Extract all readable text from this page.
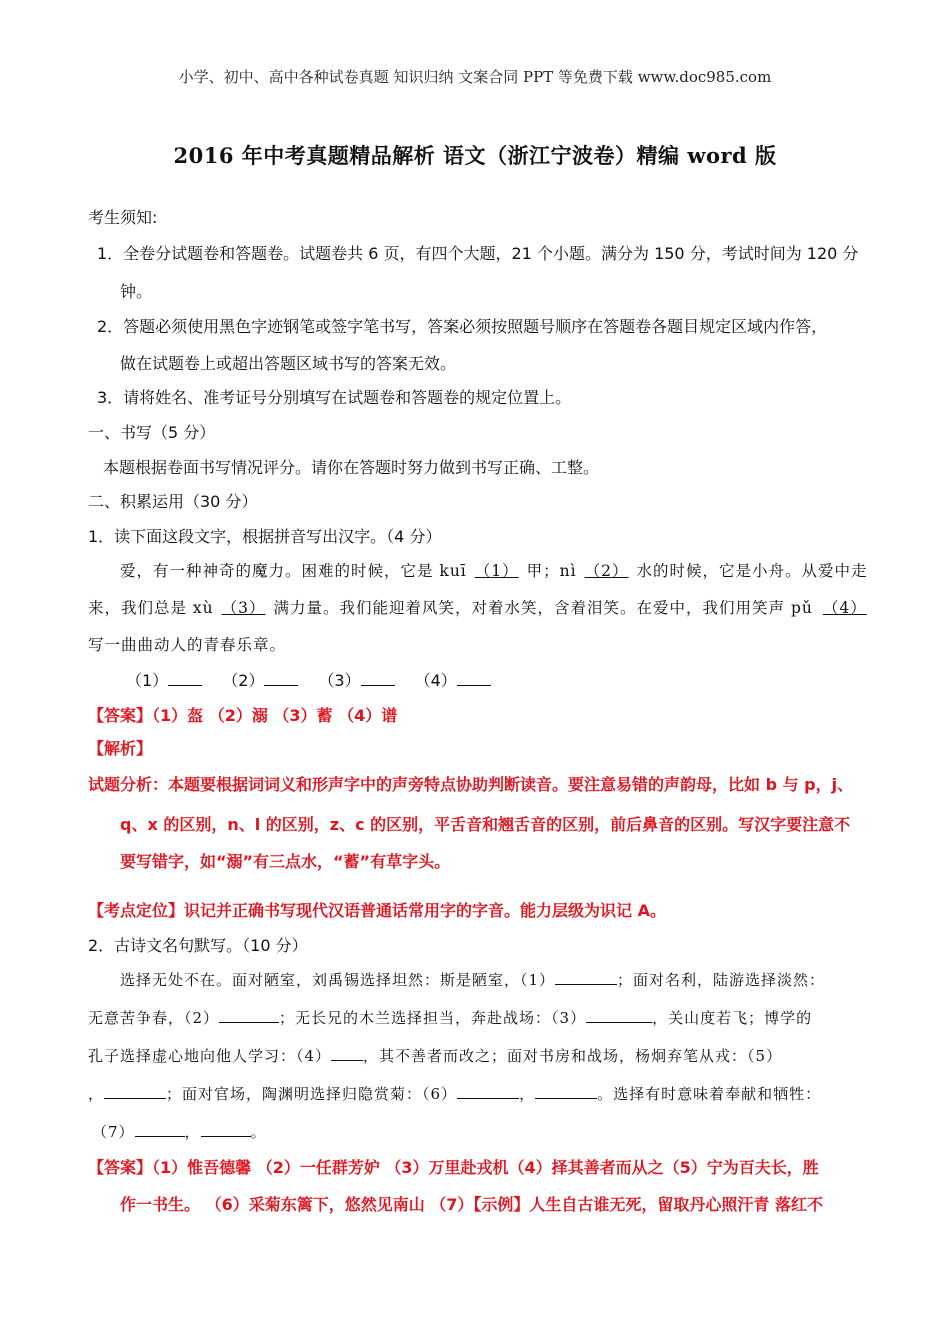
小学、初中、高中各种试卷真题 知识归纳 文案合同 PPT 等免费下载 www.doc985.com
2016 年中考真题精品解析 语文（浙江宁波卷）精编 word 版
考生须知:
1．全卷分试题卷和答题卷。试题卷共 6 页，有四个大题，21 个小题。满分为 150 分，考试时间为 120 分
钟。
2．答题必须使用黑色字迹钢笔或签字笔书写，答案必须按照题号顺序在答题卷各题目规定区域内作答，
做在试题卷上或超出答题区域书写的答案无效。
3．请将姓名、准考证号分别填写在试题卷和答题卷的规定位置上。
一、书写（5 分）
本题根据卷面书写情况评分。请你在答题时努力做到书写正确、工整。
二、积累运用（30 分）
1．读下面这段文字，根据拼音写出汉字。（4 分）
爱，有一种神奇的魔力。困难的时候，它是 kuī （1） 甲；nì （2） 水的时候，它是小舟。从爱中走
来，我们总是 xù （3） 满力量。我们能迎着风笑，对着水笑，含着泪笑。在爱中，我们用笑声 pǔ （4）
写一曲曲动人的青春乐章。
（1）	（2）	（3）	（4）
【答案】（1）盔 （2）溺 （3）蓄 （4）谱
【解析】
试题分析：本题要根据词词义和形声字中的声旁特点协助判断读音。要注意易错的声韵母，比如 b 与 p，j、
q、x 的区别，n、l 的区别，z、c 的区别，平舌音和翘舌音的区别，前后鼻音的区别。写汉字要注意不
要写错字，如“溺”有三点水，“蓄”有草字头。
【考点定位】识记并正确书写现代汉语普通话常用字的字音。能力层级为识记 A。
2．古诗文名句默写。（10 分）
选择无处不在。面对陋室，刘禹锡选择坦然：斯是陋室，（1）	；面对名利，陆游选择淡然：
无意苦争春，（2）	；无长兄的木兰选择担当，奔赴战场：（3）	，关山度若飞；博学的
孔子选择虚心地向他人学习：（4） ，其不善者而改之；面对书房和战场，杨炯弃笔从戎：（5）
，	；面对官场，陶渊明选择归隐赏菊：（6）	，	。选择有时意味着奉献和牺牲：
（7）	，	。
【答案】（1）惟吾德馨 （2）一任群芳妒 （3）万里赴戎机（4）择其善者而从之（5）宁为百夫长，胜
作一书生。 （6）采菊东篱下，悠然见南山 （7）【示例】人生自古谁无死，留取丹心照汗青 落红不
